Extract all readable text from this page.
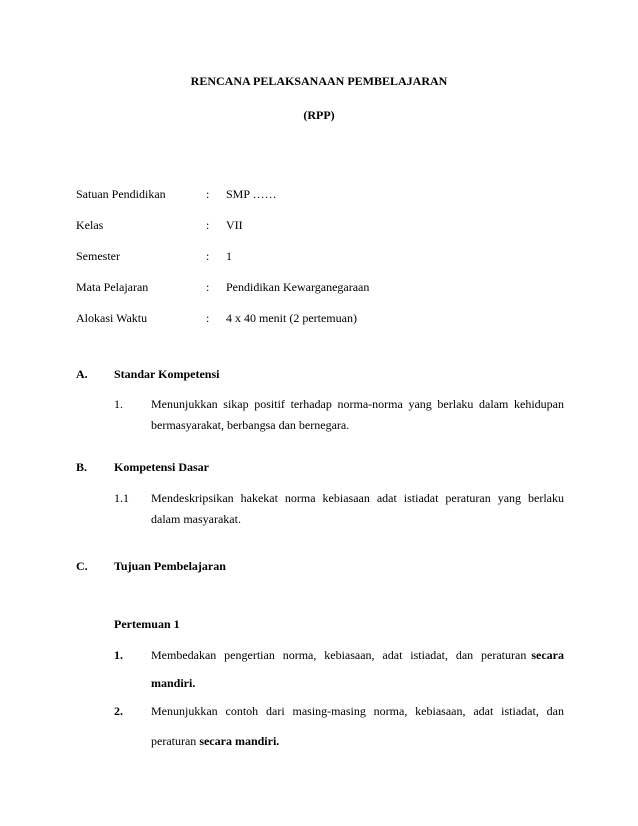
RENCANA PELAKSANAAN PEMBELAJARAN
(RPP)
Satuan Pendidikan	: SMP ……
Kelas	: VII
Semester	: 1
Mata Pelajaran	: Pendidikan Kewarganegaraan
Alokasi Waktu	: 4 x 40 menit (2 pertemuan)
A. Standar Kompetensi
1. Menunjukkan sikap positif terhadap norma-norma yang berlaku dalam kehidupan
bermasyarakat, berbangsa dan bernegara.
B. Kompetensi Dasar
1.1 Mendeskripsikan hakekat norma kebiasaan adat istiadat peraturan yang berlaku
dalam masyarakat.
C. Tujuan Pembelajaran
Pertemuan 1
1. Membedakan pengertian norma, kebiasaan, adat istiadat, dan peraturan secara
mandiri.
2. Menunjukkan contoh dari masing-masing norma, kebiasaan, adat istiadat, dan
peraturan secara mandiri.
